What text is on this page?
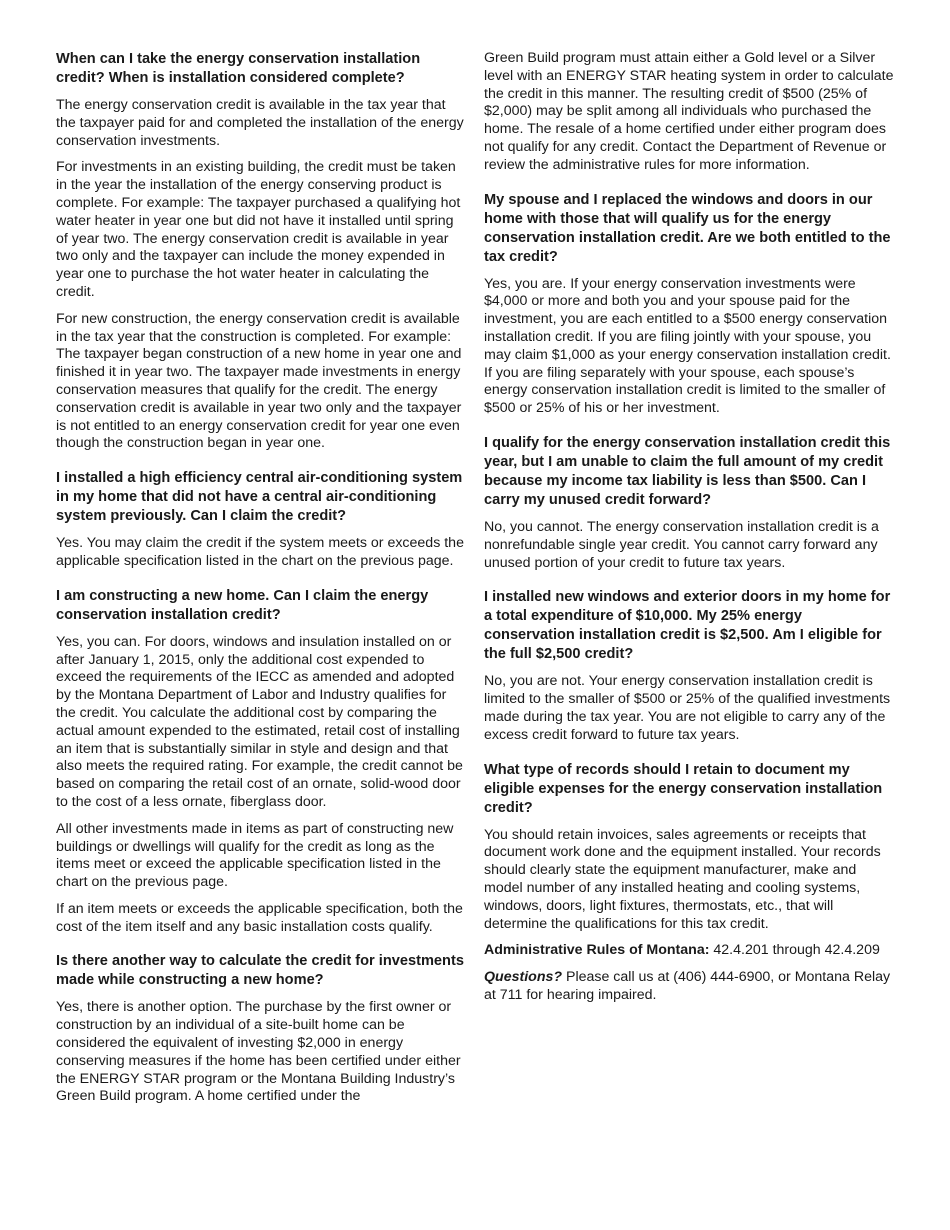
When can I take the energy conservation installation credit? When is installation considered complete?

The energy conservation credit is available in the tax year that the taxpayer paid for and completed the installation of the energy conservation investments.

For investments in an existing building, the credit must be taken in the year the installation of the energy conserving product is complete. For example: The taxpayer purchased a qualifying hot water heater in year one but did not have it installed until spring of year two. The energy conservation credit is available in year two only and the taxpayer can include the money expended in year one to purchase the hot water heater in calculating the credit.

For new construction, the energy conservation credit is available in the tax year that the construction is completed. For example: The taxpayer began construction of a new home in year one and finished it in year two. The taxpayer made investments in energy conservation measures that qualify for the credit. The energy conservation credit is available in year two only and the taxpayer is not entitled to an energy conservation credit for year one even though the construction began in year one.

I installed a high efficiency central air-conditioning system in my home that did not have a central air-conditioning system previously. Can I claim the credit?

Yes. You may claim the credit if the system meets or exceeds the applicable specification listed in the chart on the previous page.

I am constructing a new home. Can I claim the energy conservation installation credit?

Yes, you can. For doors, windows and insulation installed on or after January 1, 2015, only the additional cost expended to exceed the requirements of the IECC as amended and adopted by the Montana Department of Labor and Industry qualifies for the credit. You calculate the additional cost by comparing the actual amount expended to the estimated, retail cost of installing an item that is substantially similar in style and design and that also meets the required rating. For example, the credit cannot be based on comparing the retail cost of an ornate, solid-wood door to the cost of a less ornate, fiberglass door.

All other investments made in items as part of constructing new buildings or dwellings will qualify for the credit as long as the items meet or exceed the applicable specification listed in the chart on the previous page.

If an item meets or exceeds the applicable specification, both the cost of the item itself and any basic installation costs qualify.

Is there another way to calculate the credit for investments made while constructing a new home?

Yes, there is another option. The purchase by the first owner or construction by an individual of a site-built home can be considered the equivalent of investing $2,000 in energy conserving measures if the home has been certified under either the ENERGY STAR program or the Montana Building Industry’s Green Build program. A home certified under the

Green Build program must attain either a Gold level or a Silver level with an ENERGY STAR heating system in order to calculate the credit in this manner. The resulting credit of $500 (25% of $2,000) may be split among all individuals who purchased the home. The resale of a home certified under either program does not qualify for any credit. Contact the Department of Revenue or review the administrative rules for more information.

My spouse and I replaced the windows and doors in our home with those that will qualify us for the energy conservation installation credit. Are we both entitled to the tax credit?

Yes, you are. If your energy conservation investments were $4,000 or more and both you and your spouse paid for the investment, you are each entitled to a $500 energy conservation installation credit. If you are filing jointly with your spouse, you may claim $1,000 as your energy conservation installation credit. If you are filing separately with your spouse, each spouse’s energy conservation installation credit is limited to the smaller of $500 or 25% of his or her investment.

I qualify for the energy conservation installation credit this year, but I am unable to claim the full amount of my credit because my income tax liability is less than $500. Can I carry my unused credit forward?

No, you cannot. The energy conservation installation credit is a nonrefundable single year credit. You cannot carry forward any unused portion of your credit to future tax years.

I installed new windows and exterior doors in my home for a total expenditure of $10,000. My 25% energy conservation installation credit is $2,500. Am I eligible for the full $2,500 credit?

No, you are not. Your energy conservation installation credit is limited to the smaller of $500 or 25% of the qualified investments made during the tax year. You are not eligible to carry any of the excess credit forward to future tax years.

What type of records should I retain to document my eligible expenses for the energy conservation installation credit?

You should retain invoices, sales agreements or receipts that document work done and the equipment installed. Your records should clearly state the equipment manufacturer, make and model number of any installed heating and cooling systems, windows, doors, light fixtures, thermostats, etc., that will determine the qualifications for this tax credit.

Administrative Rules of Montana: 42.4.201 through 42.4.209

Questions? Please call us at (406) 444-6900, or Montana Relay at 711 for hearing impaired.
